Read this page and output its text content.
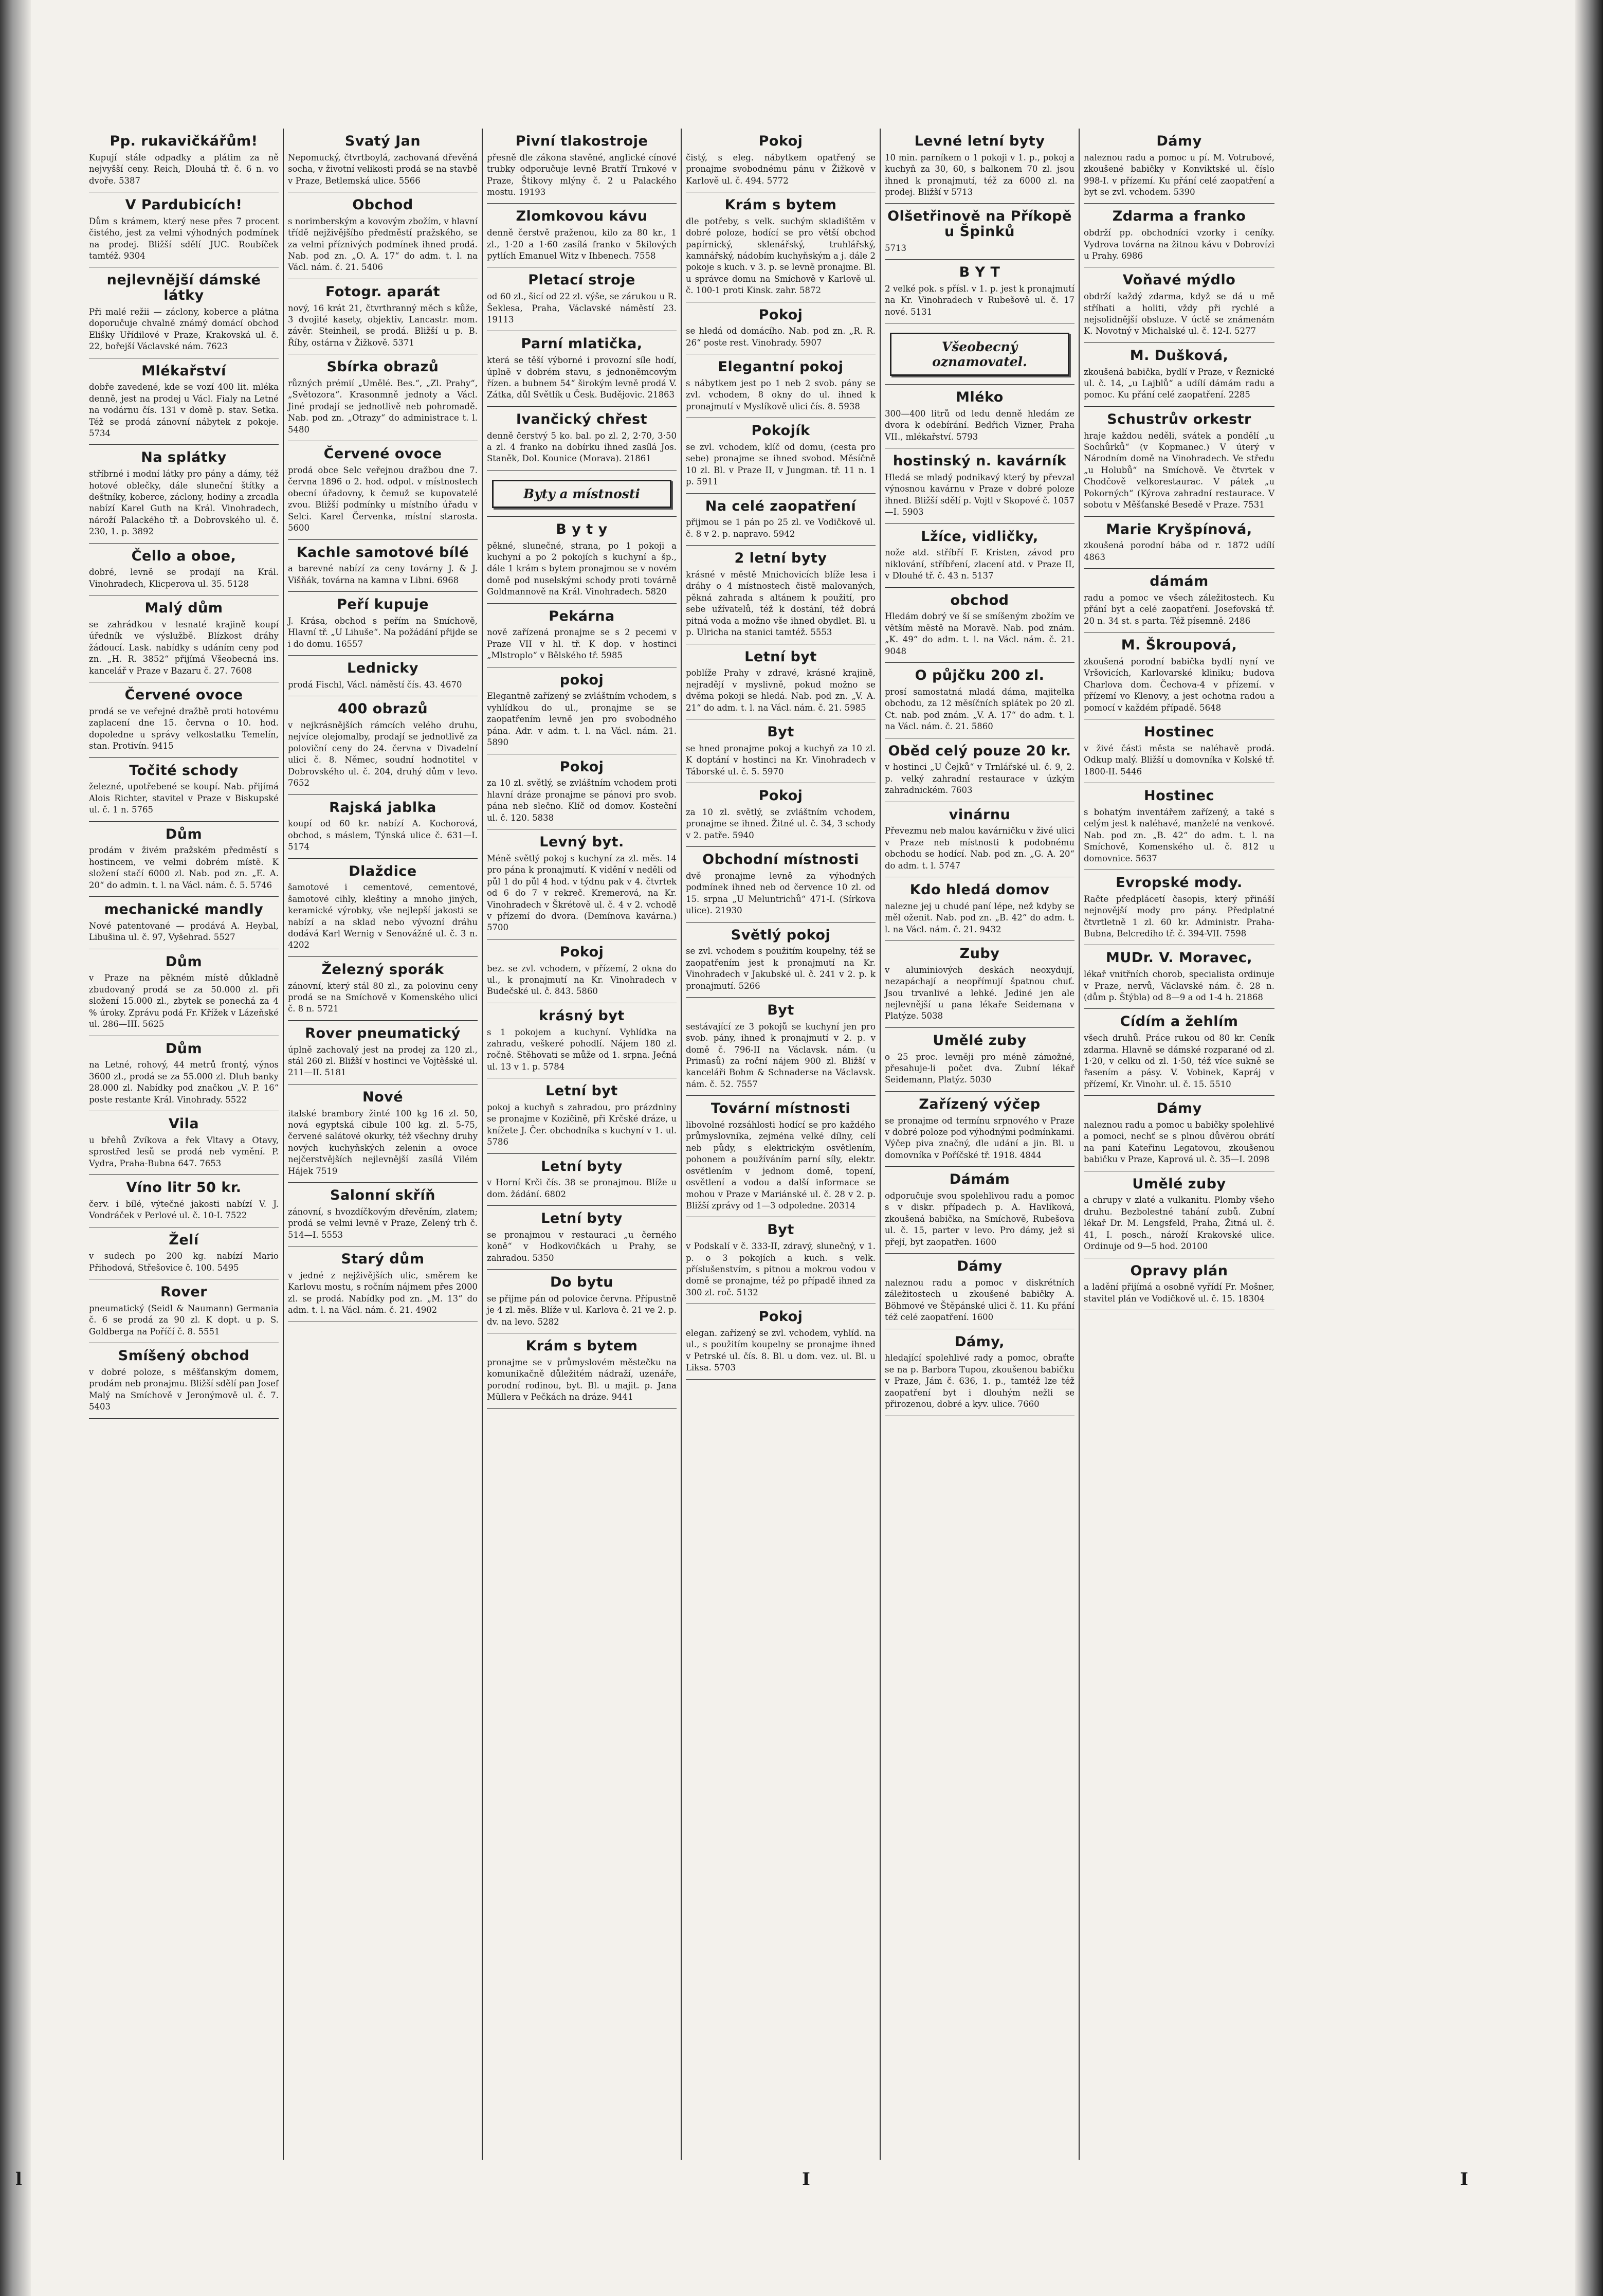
Pp. rukavičkářům!

Kupují stále odpadky a plátim za ně nejvyšší ceny. Reich, Dlouhá tř. č. 6 n. vo dvoře. 5387

V Pardubicích!

Dům s krámem, který nese přes 7 procent čistého, jest za velmi výhodných podmínek na prodej. Bližší sdělí JUC. Roubíček tamtéž. 9304

nejlevnější dámské látky

Při malé režii — záclony, koberce a plátna doporučuje chvalně známý domácí obchod Elišky Uřídilové v Praze, Krakovská ul. č. 22, bořejší Václavské nám. 7623

Mlékařství

dobře zavedené, kde se vozí 400 lit. mléka denně, jest na prodej u Václ. Fialy na Letné na vodárnu čís. 131 v domě p. stav. Setka. Též se prodá zánovní nábytek z pokoje. 5734

Na splátky

stříbrné i modní látky pro pány a dámy, též hotové oblečky, dále sluneční štítky a deštníky, koberce, záclony, hodiny a zrcadla nabízí Karel Guth na Král. Vinohradech, nároží Palackého tř. a Dobrovského ul. č. 230, 1. p. 3892

Čello a oboe,

dobré, levně se prodají na Král. Vinohradech, Klicperova ul. 35. 5128

Malý dům

se zahrádkou v lesnaté krajině koupí úředník ve výslužbě. Blízkost dráhy žádoucí. Lask. nabídky s udáním ceny pod zn. „H. R. 3852“ přijímá Všeobecná ins. kancelář v Praze v Bazaru č. 27. 7608

Červené ovoce

prodá se ve veřejné dražbě proti hotovému zaplacení dne 15. června o 10. hod. dopoledne u správy velkostatku Temelín, stan. Protivín. 9415

Točité schody

železné, upotřebené se koupí. Nab. přijímá Alois Richter, stavitel v Praze v Biskupské ul. č. 1 n. 5765

Dům

prodám v živém pražském předměstí s hostincem, ve velmi dobrém místě. K složení stačí 6000 zl. Nab. pod zn. „E. A. 20“ do admin. t. l. na Václ. nám. č. 5. 5746

mechanické mandly

Nové patentované — prodává A. Heybal, Libušina ul. č. 97, Vyšehrad. 5527

Dům

v Praze na pěkném místě důkladně zbudovaný prodá se za 50.000 zl. při složení 15.000 zl., zbytek se ponechá za 4 % úroky. Zprávu podá Fr. Křížek v Lázeňské ul. 286—III. 5625

Dům

na Letné, rohový, 44 metrů frontý, výnos 3600 zl., prodá se za 55.000 zl. Dluh banky 28.000 zl. Nabídky pod značkou „V. P. 16“ poste restante Král. Vinohrady. 5522

Vila

u břehů Zvíkova a řek Vltavy a Otavy, sprostřed lesů se prodá neb vymění. P. Vydra, Praha-Bubna 647. 7653

Víno litr 50 kr.

červ. i bílé, výtečné jakosti nabízí V. J. Vondráček v Perlové ul. č. 10-I. 7522

Želí

v sudech po 200 kg. nabízí Mario Přihodová, Střešovice č. 100. 5495

Rover

pneumatický (Seidl & Naumann) Germania č. 6 se prodá za 90 zl. K dopt. u p. S. Goldberga na Poříčí č. 8. 5551

Smíšený obchod

v dobré poloze, s měšťanským domem, prodám neb pronajmu. Bližší sdělí pan Josef Malý na Smíchově v Jeronýmově ul. č. 7. 5403

Svatý Jan

Nepomucký, čtvrtboylá, zachovaná dřevěná socha, v životní velikosti prodá se na stavbě v Praze, Betlemská ulice. 5566

Obchod

s norimberským a kovovým zbožím, v hlavní třídě nejživějšího předměstí pražského, se za velmi příznivých podmínek ihned prodá. Nab. pod zn. „O. A. 17“ do adm. t. l. na Václ. nám. č. 21. 5406

Fotogr. aparát

nový, 16 krát 21, čtvrthranný měch s kůže, 3 dvojité kasety, objektiv, Lancastr. mom. závěr. Steinheil, se prodá. Bližší u p. B. Říhy, ostárna v Žižkově. 5371

Sbírka obrazů

různých prémií „Umělé. Bes.“, „Zl. Prahy“, „Světozora“. Krasonmně jednoty a Václ. Jiné prodají se jednotlivě neb pohromadě. Nab. pod zn. „Otrazy“ do administrace t. l. 5480

Červené ovoce

prodá obce Selc veřejnou dražbou dne 7. června 1896 o 2. hod. odpol. v místnostech obecní úřadovny, k čemuž se kupovatelé zvou. Bližší podmínky u místního úřadu v Selci. Karel Červenka, místní starosta. 5600

Kachle samotové bílé

a barevné nabízí za ceny továrny J. & J. Višňák, továrna na kamna v Libni. 6968

Peří kupuje

J. Krása, obchod s peřím na Smíchově, Hlavní tř. „U Lihuše“. Na požádání přijde se i do domu. 16557

Lednicky

prodá Fischl, Václ. náměstí čís. 43. 4670

400 obrazů

v nejkrásnějších rámcích velého druhu, nejvíce olejomalby, prodají se jednotlivě za poloviční ceny do 24. června v Divadelní ulici č. 8. Němec, soudní hodnotitel v Dobrovského ul. č. 204, druhý dům v levo. 7652

Rajská jablka

koupí od 60 kr. nabízí A. Kochorová, obchod, s máslem, Týnská ulice č. 631—I. 5174

Dlaždice

šamotové i cementové, cementové, šamotové cihly, kleštiny a mnoho jiných, keramické výrobky, vše nejlepší jakosti se nabízí a na sklad nebo vývozní dráhu dodává Karl Wernig v Senovážné ul. č. 3 n. 4202

Železný sporák

zánovní, který stál 80 zl., za polovinu ceny prodá se na Smíchově v Komenského ulici č. 8 n. 5721

Rover pneumatický

úplně zachovalý jest na prodej za 120 zl., stál 260 zl. Bližší v hostinci ve Vojtěšské ul. 211—II. 5181

Nové

italské brambory žinté 100 kg 16 zl. 50, nová egyptská cibule 100 kg. zl. 5-75, červené salátové okurky, též všechny druhy nových kuchyňských zelenin a ovoce nejčerstvějších nejlevnější zasílá Vilém Hájek 7519

Salonní skříň

zánovní, s hvozdíčkovým dřevěním, zlatem; prodá se velmi levně v Praze, Zelený trh č. 514—I. 5553

Starý dům

v jedné z nejživějších ulic, směrem ke Karlovu mostu, s ročním nájmem přes 2000 zl. se prodá. Nabídky pod zn. „M. 13“ do adm. t. l. na Václ. nám. č. 21. 4902

Pivní tlakostroje

přesně dle zákona stavěné, anglické cínové trubky odporučuje levně Bratří Trnkové v Praze, Štikovy mlýny č. 2 u Palackého mostu. 19193

Zlomkovou kávu

denně čerstvě praženou, kilo za 80 kr., 1 zl., 1·20 a 1·60 zasílá franko v 5kilových pytlích Emanuel Witz v Ihbenech. 7558

Pletací stroje

od 60 zl., šicí od 22 zl. výše, se zárukou u R. Šeklesa, Praha, Václavské náměstí 23. 19113

Parní mlatička,

která se těší výborné i provozní síle hodí, úplně v dobrém stavu, s jednoněmcovým řízen. a bubnem 54“ širokým levně prodá V. Zátka, důl Světlík u Česk. Budějovic. 21863

Ivančický chřest

denně čerstvý 5 ko. bal. po zl. 2, 2·70, 3·50 a zl. 4 franko na dobírku ihned zasílá Jos. Staněk, Dol. Kounice (Morava). 21861

Byty a místnosti
B y t y

pěkné, slunečné, strana, po 1 pokoji a kuchyní a po 2 pokojích s kuchyní a šp., dále 1 krám s bytem pronajmou se v novém domě pod nuselskými schody proti továrně Goldmannově na Král. Vinohradech. 5820

Pekárna

nově zařízená pronajme se s 2 pecemi v Praze VII v hl. tř. K dop. v hostinci „Mlstroplo“ v Bělského tř. 5985

pokoj

Elegantně zařízený se zvláštním vchodem, s vyhlídkou do ul., pronajme se se zaopatřením levně jen pro svobodného pána. Adr. v adm. t. l. na Václ. nám. 21. 5890

Pokoj

za 10 zl. světlý, se zvláštním vchodem proti hlavní dráze pronajme se pánovi pro svob. pána neb slečno. Klíč od domov. Kosteční ul. č. 120. 5838

Levný byt.

Méně světlý pokoj s kuchyní za zl. měs. 14 pro pána k pronajmutí. K vidění v neděli od půl 1 do půl 4 hod. v týdnu pak v 4. čtvrtek od 6 do 7 v rekreč. Kremerová, na Kr. Vinohradech v Škrétově ul. č. 4 v 2. vchodě v přízemí do dvora. (Demínova kavárna.) 5700

Pokoj

bez. se zvl. vchodem, v přízemí, 2 okna do ul., k pronajmutí na Kr. Vinohradech v Budečské ul. č. 843. 5860

krásný byt

s 1 pokojem a kuchyní. Vyhlídka na zahradu, veškeré pohodlí. Nájem 180 zl. ročně. Stěhovati se může od 1. srpna. Ječná ul. 13 v 1. p. 5784

Letní byt

pokoj a kuchyň s zahradou, pro prázdniny se pronajme v Kozičině, při Krčské dráze, u knížete J. Čer. obchodníka s kuchyní v 1. ul. 5786

Letní byty

v Horní Krči čís. 38 se pronajmou. Blíže u dom. žádání. 6802

Letní byty

se pronajmou v restauraci „u černého koně“ v Hodkovičkách u Prahy, se zahradou. 5350

Do bytu

se přijme pán od polovice června. Přípustně je 4 zl. měs. Blíže v ul. Karlova č. 21 ve 2. p. dv. na levo. 5282

Krám s bytem

pronajme se v průmyslovém městečku na komunikačně důležitém nádraží, uzenáře, porodní rodinou, byt. Bl. u majit. p. Jana Müllera v Pečkách na dráze. 9441

Pokoj

čistý, s eleg. nábytkem opatřený se pronajme svobodnému pánu v Žižkově v Karlově ul. č. 494. 5772

Krám s bytem

dle potřeby, s velk. suchým skladištěm v dobré poloze, hodící se pro větší obchod papírnický, sklenářský, truhlářský, kamnářský, nádobím kuchyňským a j. dále 2 pokoje s kuch. v 3. p. se levně pronajme. Bl. u správce domu na Smíchově v Karlově ul. č. 100-1 proti Kinsk. zahr. 5872

Pokoj

se hledá od domácího. Nab. pod zn. „R. R. 26“ poste rest. Vinohrady. 5907

Elegantní pokoj

s nábytkem jest po 1 neb 2 svob. pány se zvl. vchodem, 8 okny do ul. ihned k pronajmutí v Myslíkově ulici čís. 8. 5938

Pokojík

se zvl. vchodem, klíč od domu, (cesta pro sebe) pronajme se ihned svobod. Měsíčně 10 zl. Bl. v Praze II, v Jungman. tř. 11 n. 1 p. 5911

Na celé zaopatření

přijmou se 1 pán po 25 zl. ve Vodičkově ul. č. 8 v 2. p. napravo. 5942

2 letní byty

krásné v městě Mnichovicích blíže lesa i dráhy o 4 místnostech čistě malovaných, pěkná zahrada s altánem k použití, pro sebe užívatelů, též k dostání, též dobrá pitná voda a možno vše ihned obydlet. Bl. u p. Ulricha na stanici tamtéž. 5553

Letní byt

poblíže Prahy v zdravé, krásné krajině, nejradějí v myslivně, pokud možno se dvěma pokoji se hledá. Nab. pod zn. „V. A. 21“ do adm. t. l. na Václ. nám. č. 21. 5985

Byt

se hned pronajme pokoj a kuchyň za 10 zl. K doptání v hostinci na Kr. Vinohradech v Táborské ul. č. 5. 5970

Pokoj

za 10 zl. světlý, se zvláštním vchodem, pronajme se ihned. Žitné ul. č. 34, 3 schody v 2. patře. 5940

Obchodní místnosti

dvě pronajme levně za výhodných podmínek ihned neb od července 10 zl. od 15. srpna „U Meluntrichů“ 471-I. (Sírkova ulice). 21930

Světlý pokoj

se zvl. vchodem s použitím koupelny, též se zaopatřením jest k pronajmutí na Kr. Vinohradech v Jakubské ul. č. 241 v 2. p. k pronajmutí. 5266

Byt

sestávající ze 3 pokojů se kuchyní jen pro svob. pány, ihned k pronajmutí v 2. p. v domě č. 796-II na Václavsk. nám. (u Primasů) za roční nájem 900 zl. Bližší v kanceláři Bohm & Schnaderse na Václavsk. nám. č. 52. 7557

Tovární místnosti

libovolné rozsáhlosti hodící se pro každého průmyslovníka, zejména velké dílny, celí neb půdy, s elektrickým osvětlením, pohonem a používáním parní síly, elektr. osvětlením v jednom domě, topení, osvětlení a vodou a další informace se mohou v Praze v Mariánské ul. č. 28 v 2. p. Bližší zprávy od 1—3 odpoledne. 20314

Byt

v Podskalí v č. 333-II, zdravý, slunečný, v 1. p. o 3 pokojích a kuch. s velk. příslušenstvím, s pitnou a mokrou vodou v domě se pronajme, též po případě ihned za 300 zl. roč. 5132

Pokoj

elegan. zařízený se zvl. vchodem, vyhlíd. na ul., s použitím koupelny se pronajme ihned v Petrské ul. čís. 8. Bl. u dom. vez. ul. Bl. u Liksa. 5703

Levné letní byty

10 min. parníkem o 1 pokoji v 1. p., pokoj a kuchyň za 30, 60, s balkonem 70 zl. jsou ihned k pronajmutí, též za 6000 zl. na prodej. Bližší v 5713

Olšetřinově na Příkopě u Špinků

5713

B Y T

2 velké pok. s přísl. v 1. p. jest k pronajmutí na Kr. Vinohradech v Rubešově ul. č. 17 nové. 5131

Všeobecný oznamovatel.
Mléko

300—400 litrů od ledu denně hledám ze dvora k odebírání. Bedřich Vizner, Praha VII., mlékařství. 5793

hostinský n. kavárník

Hledá se mladý podnikavý který by převzal výnosnou kavárnu v Praze v dobré poloze ihned. Bližší sdělí p. Vojtl v Skopové č. 1057—I. 5903

Lžíce, vidličky,

nože atd. stříbří F. Kristen, závod pro niklování, stříbření, zlacení atd. v Praze II, v Dlouhé tř. č. 43 n. 5137

obchod

Hledám dobrý ve ší se smíšeným zbožím ve větším městě na Moravě. Nab. pod znám. „K. 49“ do adm. t. l. na Václ. nám. č. 21. 9048

O půjčku 200 zl.

prosí samostatná mladá dáma, majitelka obchodu, za 12 měsíčních splátek po 20 zl. Ct. nab. pod znám. „V. A. 17“ do adm. t. l. na Václ. nám. č. 21. 5860

Oběd celý pouze 20 kr.

v hostinci „U Čejků“ v Trnlářské ul. č. 9, 2. p. velký zahradní restaurace v úzkým zahradnickém. 7603

vinárnu

Převezmu neb malou kavárničku v živé ulici v Praze neb místnosti k podobnému obchodu se hodící. Nab. pod zn. „G. A. 20“ do adm. t. l. 5747

Kdo hledá domov

nalezne jej u chudé paní lépe, než kdyby se měl oženit. Nab. pod zn. „B. 42“ do adm. t. l. na Václ. nám. č. 21. 9432

Zuby

v aluminiových deskách neoxydují, nezapáchají a neopřímují špatnou chuť. Jsou trvanlivé a lehké. Jediné jen ale nejlevnější u pana lékaře Seidemana v Platýze. 5038

Umělé zuby

o 25 proc. levněji pro méně zámožné, přesahuje-li počet dva. Zubní lékař Seidemann, Platýz. 5030

Zařízený výčep

se pronajme od termínu srpnového v Praze v dobré poloze pod výhodnými podmínkami. Výčep piva značný, dle udání a jin. Bl. u domovníka v Poříčské tř. 1918. 4844

Dámám

odporučuje svou spolehlivou radu a pomoc s v diskr. případech p. A. Havlíková, zkoušená babička, na Smíchově, Rubešova ul. č. 15, parter v levo. Pro dámy, jež si přejí, byt zaopatřen. 1600

Dámy

naleznou radu a pomoc v diskrétních záležitostech u zkoušené babičky A. Böhmové ve Štěpánské ulici č. 11. Ku přání též celé zaopatření. 1600

Dámy,

hledající spolehlivé rady a pomoc, obraťte se na p. Barbora Tupou, zkoušenou babičku v Praze, Jám č. 636, 1. p., tamtéž lze též zaopatření byt i dlouhým nežli se přirozenou, dobré a kyv. ulice. 7660

Dámy

naleznou radu a pomoc u pí. M. Votrubové, zkoušené babičky v Konviktské ul. číslo 998-I. v přízemí. Ku přání celé zaopatření a byt se zvl. vchodem. 5390

Zdarma a franko

obdrží pp. obchodníci vzorky i ceníky. Vydrova továrna na žitnou kávu v Dobrovízi u Prahy. 6986

Voňavé mýdlo

obdrží každý zdarma, když se dá u mě stříhati a holiti, vždy při rychlé a nejsolidnější obsluze. V úctě se známenám K. Novotný v Michalské ul. č. 12-I. 5277

M. Dušková,

zkoušená babička, bydlí v Praze, v Řeznické ul. č. 14, „u Lajblů“ a udílí dámám radu a pomoc. Ku přání celé zaopatření. 2285

Schustrův orkestr

hraje každou neděli, svátek a pondělí „u Sochůrků“ (v Kopmanec.) V úterý v Národním domě na Vinohradech. Ve středu „u Holubů“ na Smíchově. Ve čtvrtek v Chodčově velkorestaurac. V pátek „u Pokorných“ (Kýrova zahradní restaurace. V sobotu v Měšťanské Besedě v Praze. 7531

Marie Kryšpínová,

zkoušená porodní bába od r. 1872 udílí 4863

dámám

radu a pomoc ve všech záležitostech. Ku přání byt a celé zaopatření. Josefovská tř. 20 n. 34 st. s parta. Též písemně. 2486

M. Škroupová,

zkoušená porodní babička bydlí nyní ve Vršovicích, Karlovarské kliniku; budova Charlova dom. Čechova-4 v přízemí. v přízemí vo Klenovy, a jest ochotna radou a pomocí v každém případě. 5648

Hostinec

v živé části města se naléhavě prodá. Odkup malý. Bližší u domovníka v Kolské tř. 1800-II. 5446

Hostinec

s bohatým inventářem zařízený, a také s celým jest k naléhavé, manželé na venkové. Nab. pod zn. „B. 42“ do adm. t. l. na Smíchově, Komenského ul. č. 812 u domovnice. 5637

Evropské mody.

Račte předplácetí časopis, který přináší nejnovější mody pro pány. Předplatné čtvrtletně 1 zl. 60 kr. Administr. Praha-Bubna, Belcrediho tř. č. 394-VII. 7598

MUDr. V. Moravec,

lékař vnitřních chorob, specialista ordinuje v Praze, nervů, Václavské nám. č. 28 n. (dům p. Štýbla) od 8—9 a od 1-4 h. 21868

Cídím a žehlím

všech druhů. Práce rukou od 80 kr. Ceník zdarma. Hlavně se dámské rozparané od zl. 1·20, v celku od zl. 1·50, též více sukně se řasením a pásy. V. Vobinek, Kapráj v přízemí, Kr. Vinohr. ul. č. 15. 5510

Dámy

naleznou radu a pomoc u babičky spolehlivé a pomoci, nechť se s plnou důvěrou obrátí na paní Kateřinu Legatovou, zkoušenou babičku v Praze, Kaprová ul. č. 35—I. 2098

Umělé zuby

a chrupy v zlaté a vulkanitu. Plomby všeho druhu. Bezbolestné tahání zubů. Zubní lékař Dr. M. Lengsfeld, Praha, Žitná ul. č. 41, I. posch., nároží Krakovské ulice. Ordinuje od 9—5 hod. 20100

Opravy plán

a ladění přijímá a osobně vyřídí Fr. Mošner, stavitel plán ve Vodičkově ul. č. 15. 18304

l	I	I
